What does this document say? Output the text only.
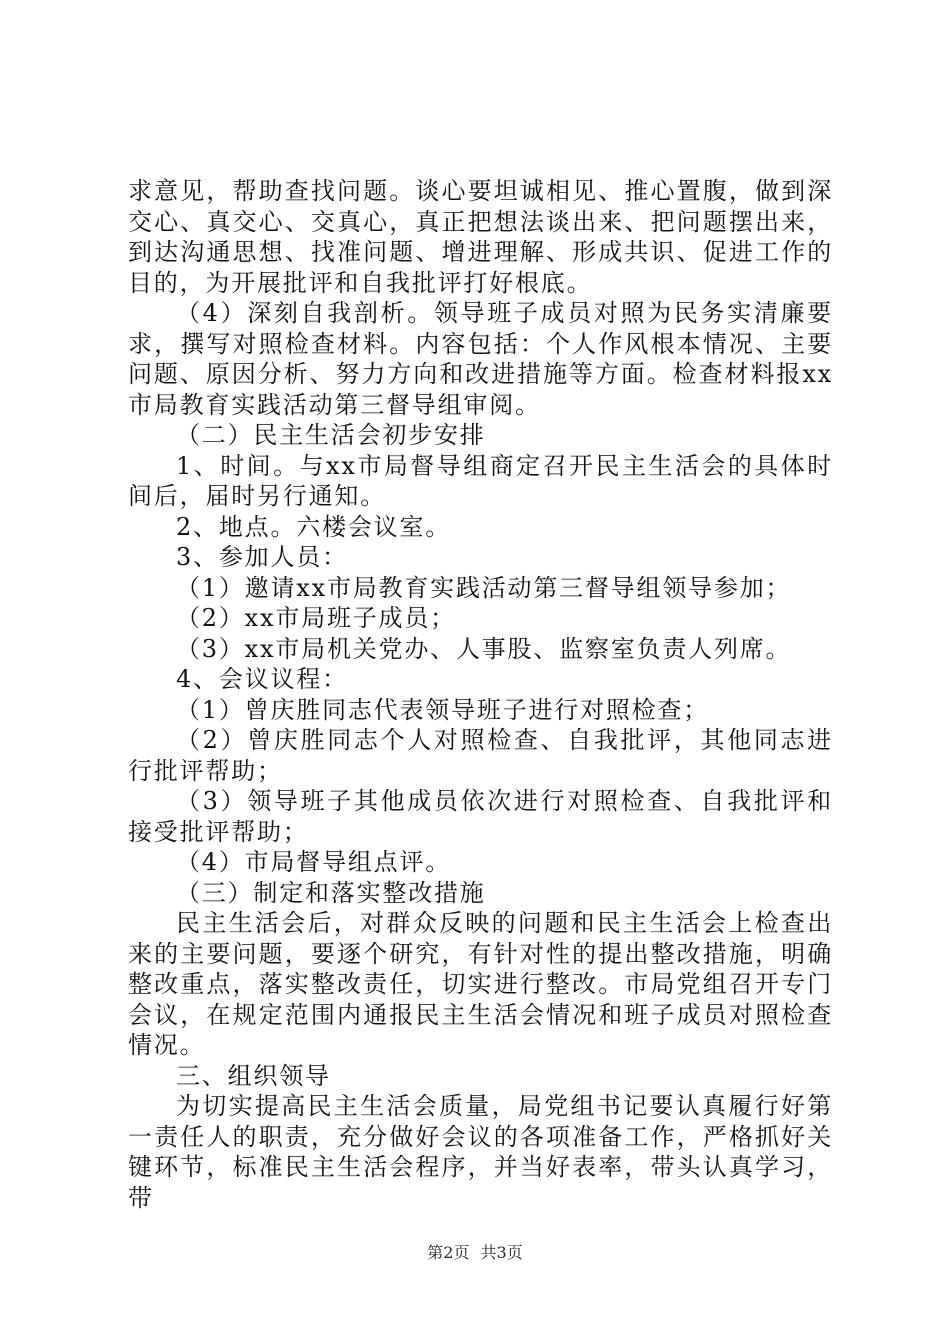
求意见，帮助查找问题。谈心要坦诚相见、推心置腹，做到深交心、真交心、交真心，真正把想法谈出来、把问题摆出来，到达沟通思想、找准问题、增进理解、形成共识、促进工作的目的，为开展批评和自我批评打好根底。

（4）深刻自我剖析。领导班子成员对照为民务实清廉要求，撰写对照检查材料。内容包括：个人作风根本情况、主要问题、原因分析、努力方向和改进措施等方面。检查材料报xx市局教育实践活动第三督导组审阅。

（二）民主生活会初步安排

1、时间。与xx市局督导组商定召开民主生活会的具体时间后，届时另行通知。

2、地点。六楼会议室。

3、参加人员：

（1）邀请xx市局教育实践活动第三督导组领导参加；

（2）xx市局班子成员；

（3）xx市局机关党办、人事股、监察室负责人列席。

4、会议议程：

（1）曾庆胜同志代表领导班子进行对照检查；

（2）曾庆胜同志个人对照检查、自我批评，其他同志进行批评帮助；

（3）领导班子其他成员依次进行对照检查、自我批评和接受批评帮助；

（4）市局督导组点评。

（三）制定和落实整改措施

民主生活会后，对群众反映的问题和民主生活会上检查出来的主要问题，要逐个研究，有针对性的提出整改措施，明确整改重点，落实整改责任，切实进行整改。市局党组召开专门会议，在规定范围内通报民主生活会情况和班子成员对照检查情况。

三、组织领导

为切实提高民主生活会质量，局党组书记要认真履行好第一责任人的职责，充分做好会议的各项准备工作，严格抓好关键环节，标准民主生活会程序，并当好表率，带头认真学习，带

第2页 共3页
